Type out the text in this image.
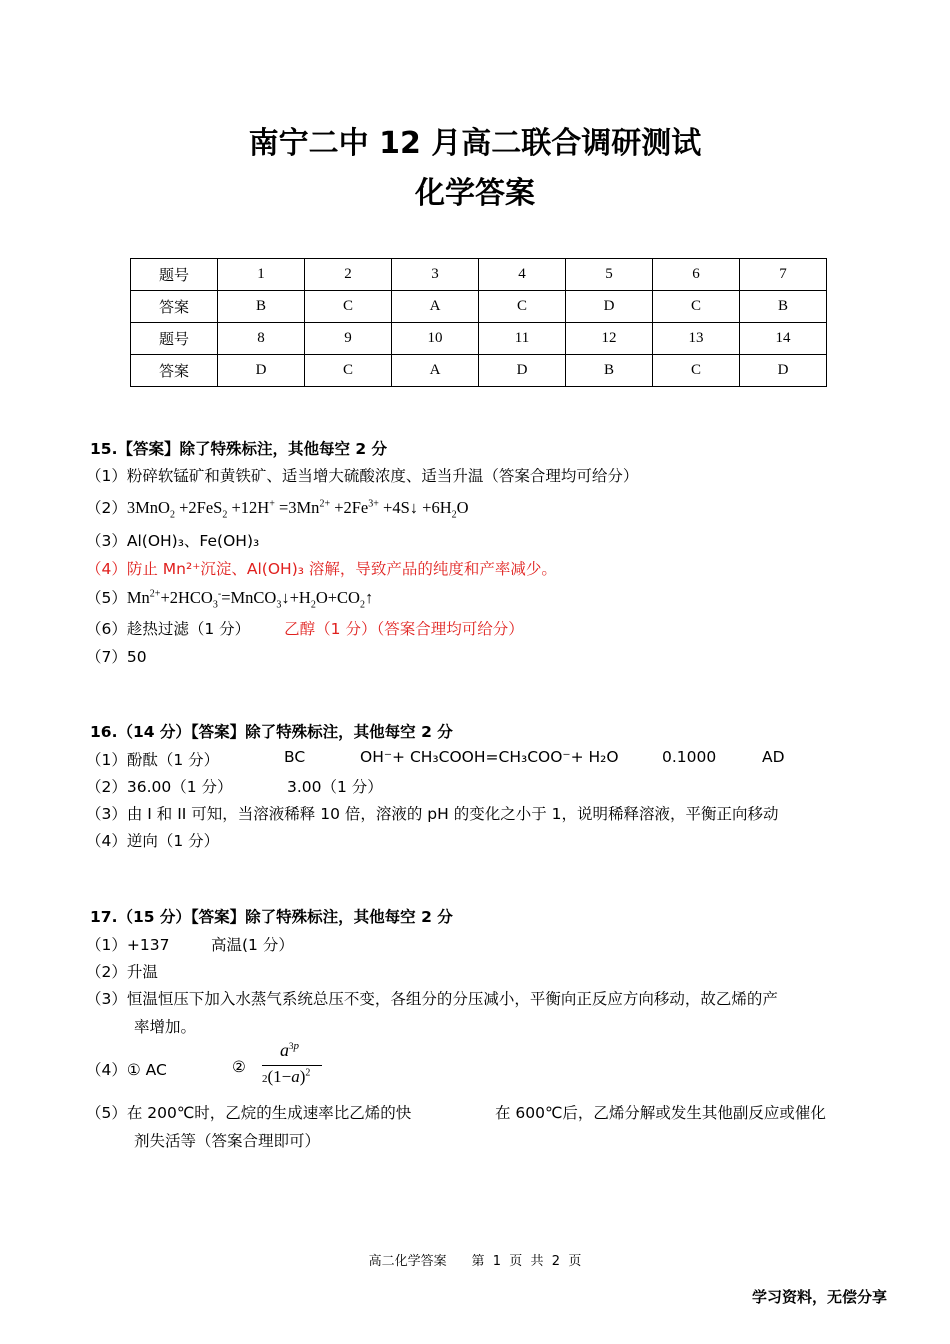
南宁二中 12 月高二联合调研测试
化学答案
题号	1	2	3	4	5	6	7
答案	B	C	A	C	D	C	B
题号	8	9	10	11	12	13	14
答案	D	C	A	D	B	C	D
15.【答案】除了特殊标注，其他每空 2 分
（1）粉碎软锰矿和黄铁矿、适当增大硫酸浓度、适当升温（答案合理均可给分）
$(2)3MnO_2 +2FeS_2 +12H^+ =3Mn^{2+} +2Fe^{3+}$ +4S↓ $+6H_2O$
（3）Al(OH)₃、Fe(OH)₃
（4）防止 Mn²⁺沉淀、Al(OH)₃ 溶解，导致产品的纯度和产率减少。
$(5)Mn^{2+}+2HCO_3^-=MnCO_3↓+H_2O+CO_2↑$
（6）趁热过滤（1 分） 乙醇（1 分）（答案合理均可给分）
（7）50
16.（14 分）【答案】除了特殊标注，其他每空 2 分
（1）酚酞（1 分）	BC	OH⁻+ CH₃COOH=CH₃COO⁻+ H₂O	0.1000	AD
（2）36.00（1 分）	3.00（1 分）
（3）由 I 和 II 可知，当溶液稀释 10 倍，溶液的 pH 的变化之小于 1，说明稀释溶液，平衡正向移动
（4）逆向（1 分）
17.（15 分）【答案】除了特殊标注，其他每空 2 分
（1）+137	高温(1 分）
（2）升温
（3）恒温恒压下加入水蒸气系统总压不变，各组分的分压减小，平衡向正反应方向移动，故乙烯的产
率增加。
（4）① AC	②
$a^{3p}$
$2(1-a)^2$
（5）在 200℃时，乙烷的生成速率比乙烯的快	在 600℃后，乙烯分解或发生其他副反应或催化
剂失活等（答案合理即可）
高二化学答案      第  1  页  共  2  页
学习资料，无偿分享
